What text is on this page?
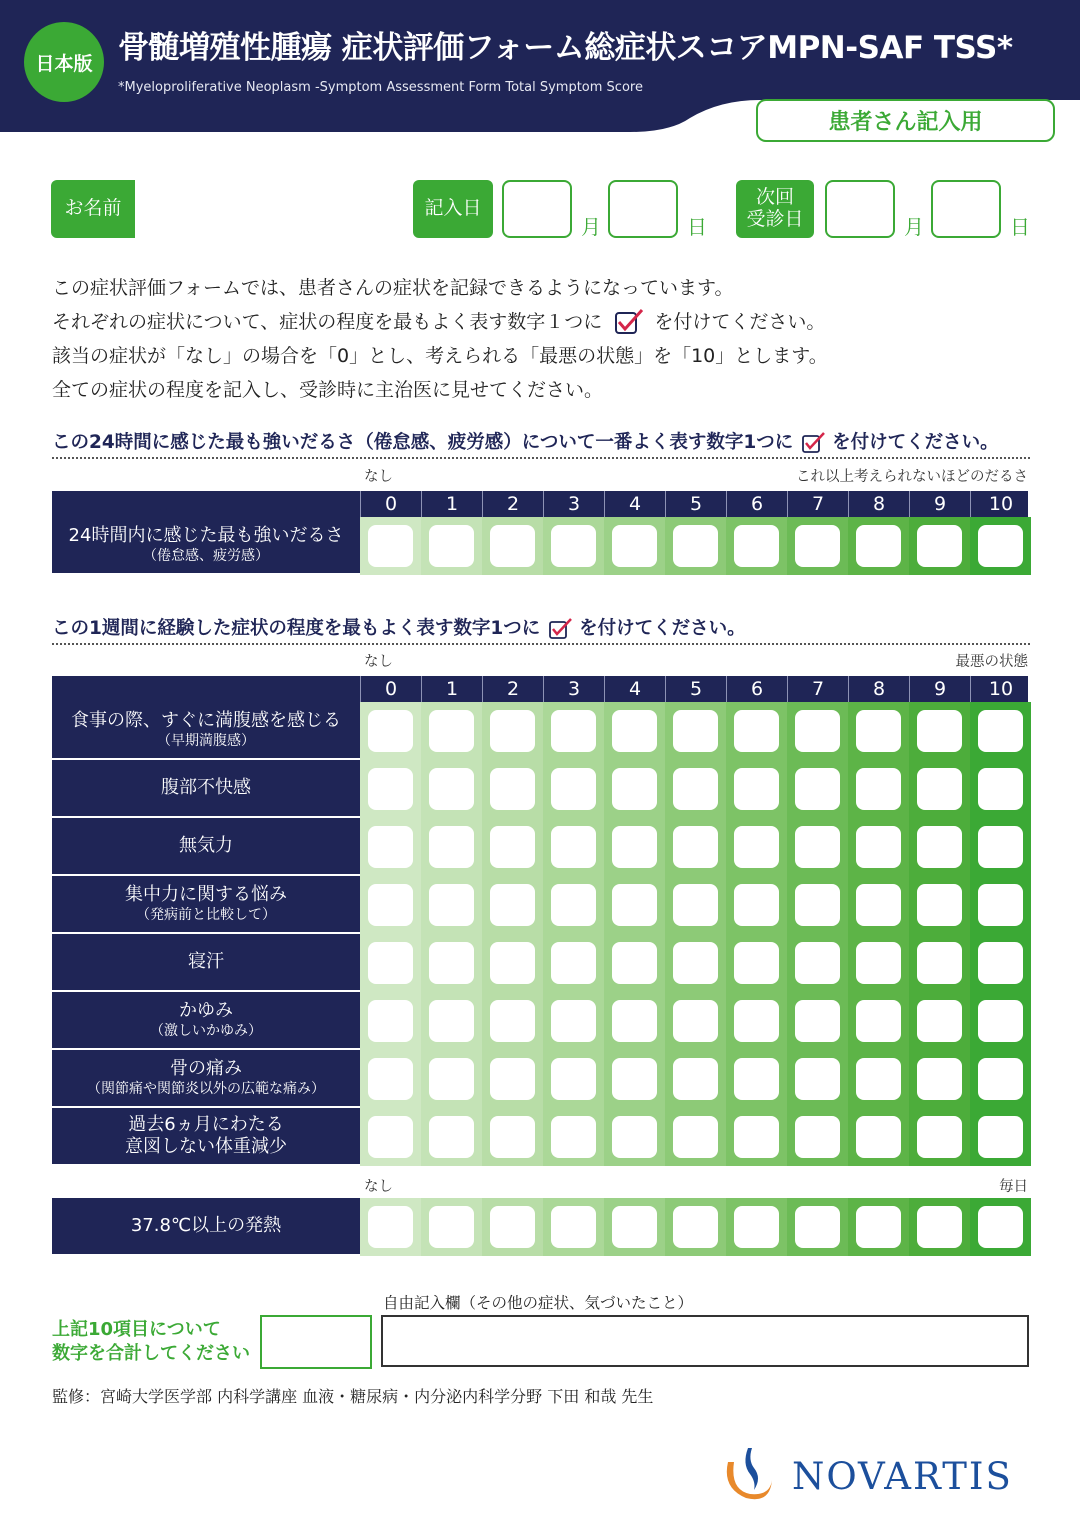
日本版 骨髄増殖性腫瘍 症状評価フォーム総症状スコアMPN-SAF TSS*
*Myeloproliferative Neoplasm -Symptom Assessment Form Total Symptom Score
患者さん記入用
お名前	記入日
月	日
次回
受診日	月	日

この症状評価フォームでは、患者さんの症状を記録できるようになっています。

それぞれの症状について、症状の程度を最もよく表す数字１つに	を付けてください。

該当の症状が「なし」の場合を「0」とし、考えられる「最悪の状態」を「10」とします。

全ての症状の程度を記入し、受診時に主治医に見せてください。

この24時間に感じた最も強いだるさ（倦怠感、疲労感）について一番よく表す数字1つに を付けてください。
なし	これ以上考えられないほどのだるさ
0	1	2	3	4	5	6	7	8	9	10
24時間内に感じた最も強いだるさ
（倦怠感、疲労感）
この1週間に経験した症状の程度を最もよく表す数字1つに を付けてください。
なし	最悪の状態
0	1	2	3	4	5	6	7	8	9	10
食事の際、すぐに満腹感を感じる
（早期満腹感）
腹部不快感
無気力
集中力に関する悩み
（発病前と比較して）
寝汗
かゆみ
（激しいかゆみ）
骨の痛み
（関節痛や関節炎以外の広範な痛み）
過去6ヵ月にわたる
意図しない体重減少
なし	毎日
37.8℃以上の発熱
上記10項目について
数字を合計してください
自由記入欄（その他の症状、気づいたこと）
監修：宮崎大学医学部 内科学講座 血液・糖尿病・内分泌内科学分野 下田 和哉 先生
NOVARTIS
